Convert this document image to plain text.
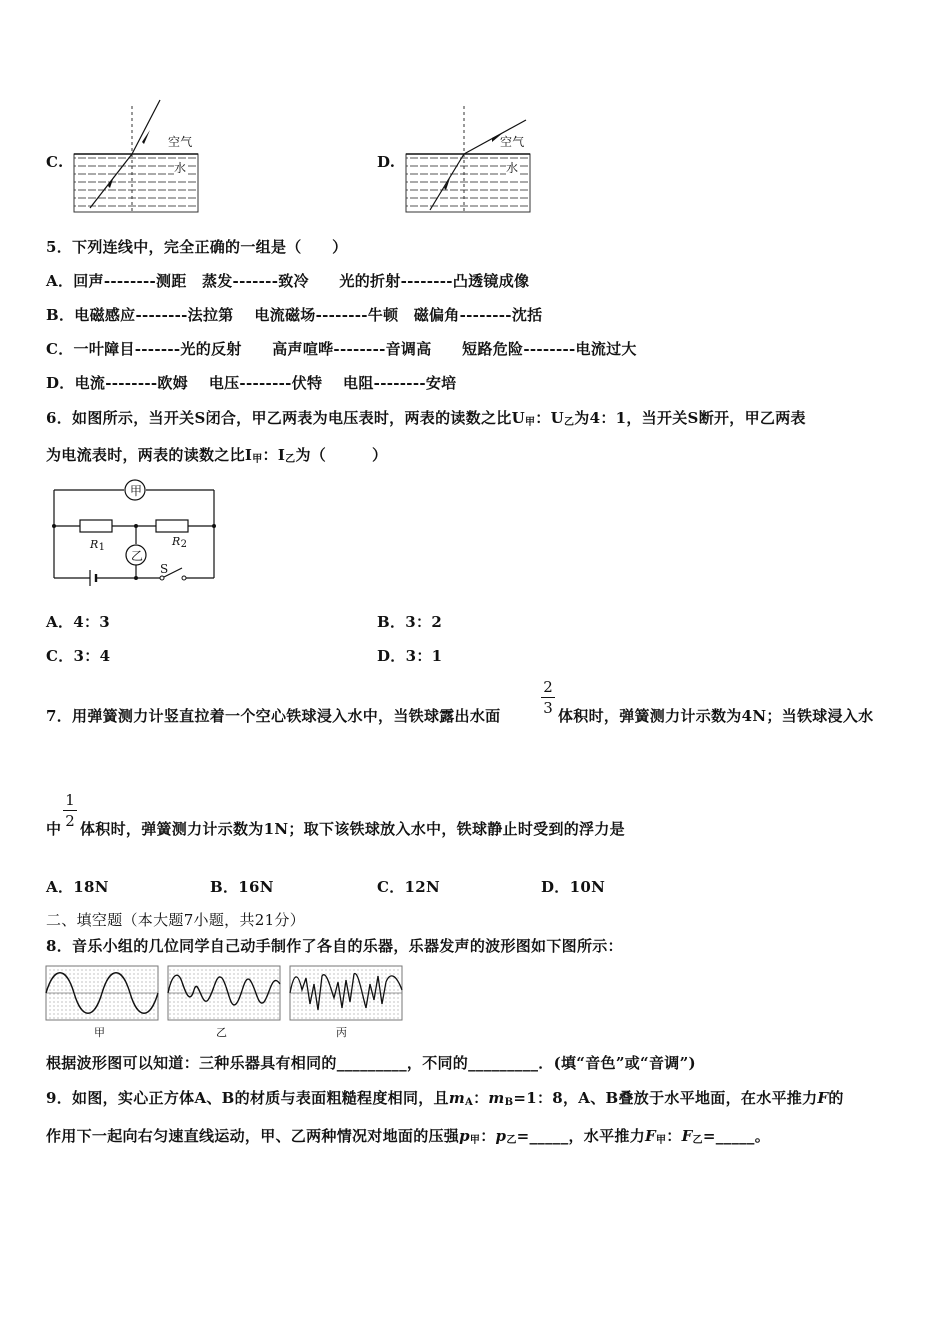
C.
空气
水	D.
空气
水
5．下列连线中，完全正确的一组是（　　）
A．回声--------测距　蒸发-------致冷　　光的折射--------凸透镜成像
B．电磁感应--------法拉第　 电流磁场--------牛顿　磁偏角--------沈括
C．一叶障目-------光的反射　　高声喧哗--------音调高　　短路危险--------电流过大
D．电流--------欧姆　 电压--------伏特　 电阻--------安培
6．如图所示，当开关S闭合，甲乙两表为电压表时，两表的读数之比$U_甲$：$U_乙$为4：1，当开关S断开，甲乙两表
为电流表时，两表的读数之比$I_甲$：$I_乙$为（　　　）
甲
乙
R1	R2
S
A．4：3	B．3：2
C．3：4	D．3：1
7．用弹簧测力计竖直拉着一个空心铁球浸入水中，当铁球露出水面
2
3 体积时，弹簧测力计示数为4N；当铁球浸入水
中
1
2 体积时，弹簧测力计示数为1N；取下该铁球放入水中，铁球静止时受到的浮力是
A．18N	B．16N	C．12N	D．10N
二、填空题（本大题7小题，共21分）
8．音乐小组的几位同学自己动手制作了各自的乐器，乐器发声的波形图如下图所示：
甲	乙	丙
根据波形图可以知道：三种乐器具有相同的_________，不同的_________．(填“音色”或“音调”)
9．如图，实心正方体A、B的材质与表面粗糙程度相同，且$m_A$：$m_B=1$：8，A、B叠放于水平地面，在水平推力F的
作用下一起向右匀速直线运动，甲、乙两种情况对地面的压强$p_甲$：$p_乙=\_\_\_\_\_$，水平推力$F_甲$：$F_乙=\_\_\_\_\_$。
